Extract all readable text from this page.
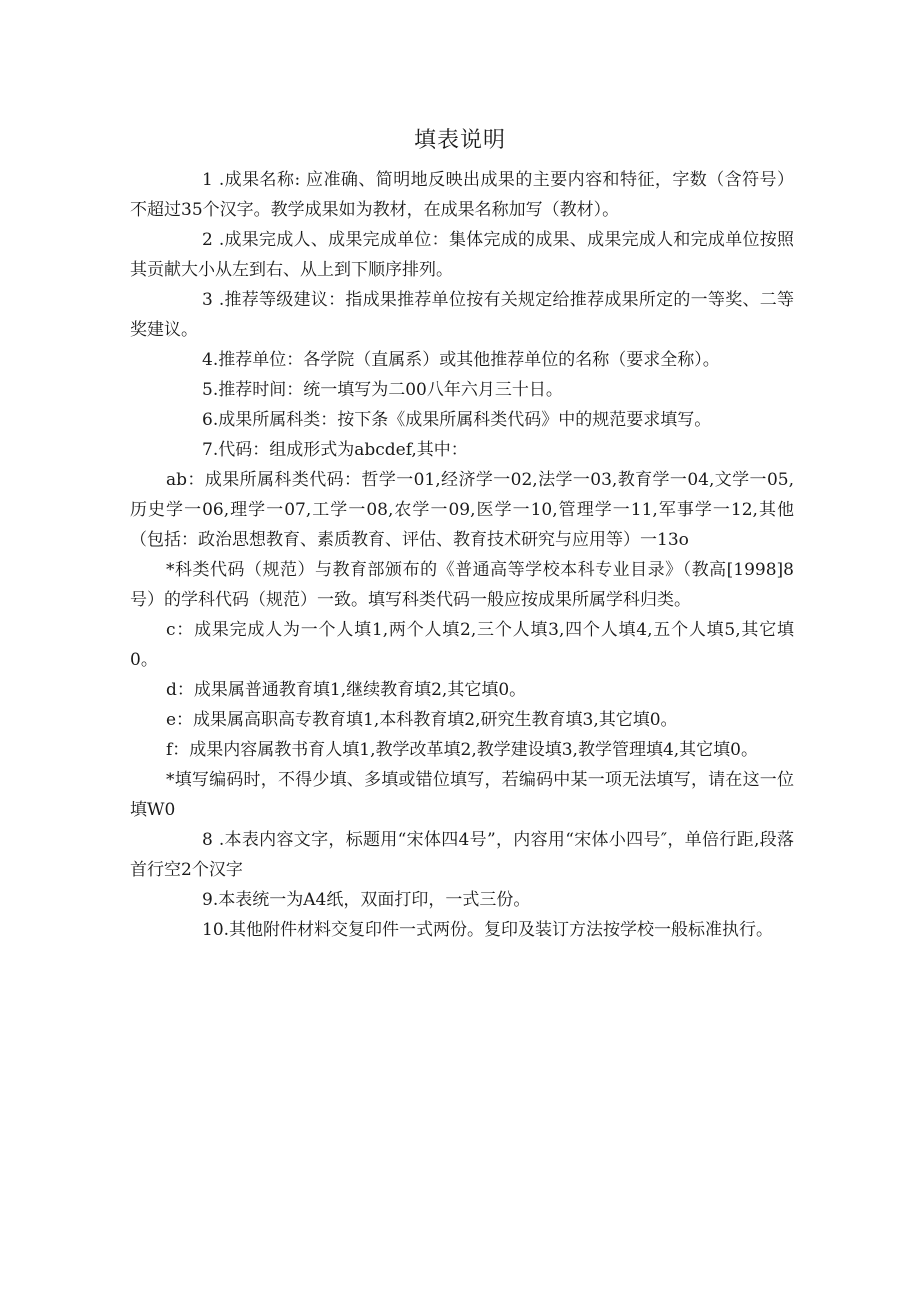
填表说明

1 .成果名称: 应准确、简明地反映出成果的主要内容和特征，字数（含符号）不超过35个汉字。教学成果如为教材，在成果名称加写（教材）。

2 .成果完成人、成果完成单位：集体完成的成果、成果完成人和完成单位按照其贡献大小从左到右、从上到下顺序排列。

3 .推荐等级建议：指成果推荐单位按有关规定给推荐成果所定的一等奖、二等奖建议。

4.推荐单位：各学院（直属系）或其他推荐单位的名称（要求全称）。

5.推荐时间：统一填写为二00八年六月三十日。

6.成果所属科类：按下条《成果所属科类代码》中的规范要求填写。

7.代码：组成形式为abcdef,其中：

ab：成果所属科类代码：哲学一01,经济学一02,法学一03,教育学一04,文学一05,历史学一06,理学一07,工学一08,农学一09,医学一10,管理学一11,军事学一12,其他（包括：政治思想教育、素质教育、评估、教育技术研究与应用等）一13o

*科类代码（规范）与教育部颁布的《普通高等学校本科专业目录》（教高[1998]8号）的学科代码（规范）一致。填写科类代码一般应按成果所属学科归类。

c：成果完成人为一个人填1,两个人填2,三个人填3,四个人填4,五个人填5,其它填0。

d：成果属普通教育填1,继续教育填2,其它填0。

e：成果属高职高专教育填1,本科教育填2,研究生教育填3,其它填0。

f：成果内容属教书育人填1,教学改革填2,教学建设填3,教学管理填4,其它填0。

*填写编码时，不得少填、多填或错位填写，若编码中某一项无法填写，请在这一位填W0

8 .本表内容文字，标题用“宋体四4号”，内容用“宋体小四号″，单倍行距,段落首行空2个汉字

9.本表统一为A4纸，双面打印，一式三份。

10.其他附件材料交复印件一式两份。复印及装订方法按学校一般标准执行。
